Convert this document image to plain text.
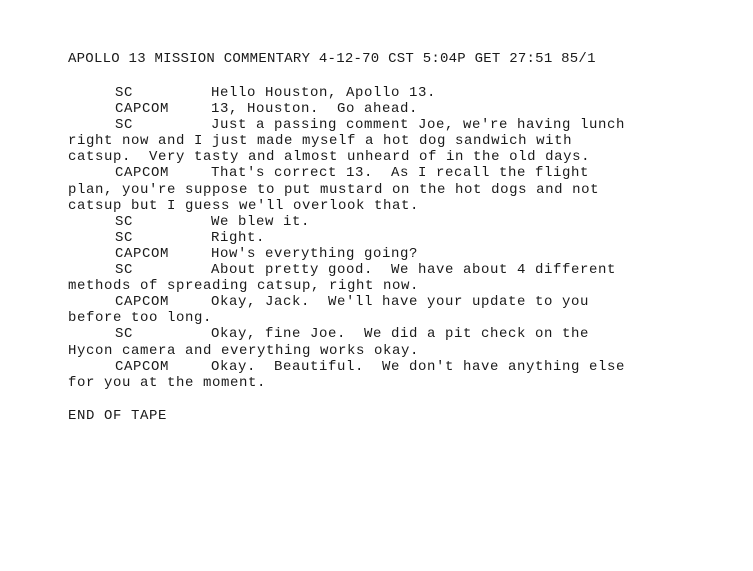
APOLLO 13 MISSION COMMENTARY 4-12-70 CST 5:04P GET 27:51 85/1
SC	Hello Houston, Apollo 13.
CAPCOM	13, Houston.  Go ahead.
SC	Just a passing comment Joe, we're having lunch
right now and I just made myself a hot dog sandwich with
catsup.  Very tasty and almost unheard of in the old days.
CAPCOM	That's correct 13.  As I recall the flight
plan, you're suppose to put mustard on the hot dogs and not
catsup but I guess we'll overlook that.
SC	We blew it.
SC	Right.
CAPCOM	How's everything going?
SC	About pretty good.  We have about 4 different
methods of spreading catsup, right now.
CAPCOM	Okay, Jack.  We'll have your update to you
before too long.
SC	Okay, fine Joe.  We did a pit check on the
Hycon camera and everything works okay.
CAPCOM	Okay.  Beautiful.  We don't have anything else
for you at the moment.
END OF TAPE
